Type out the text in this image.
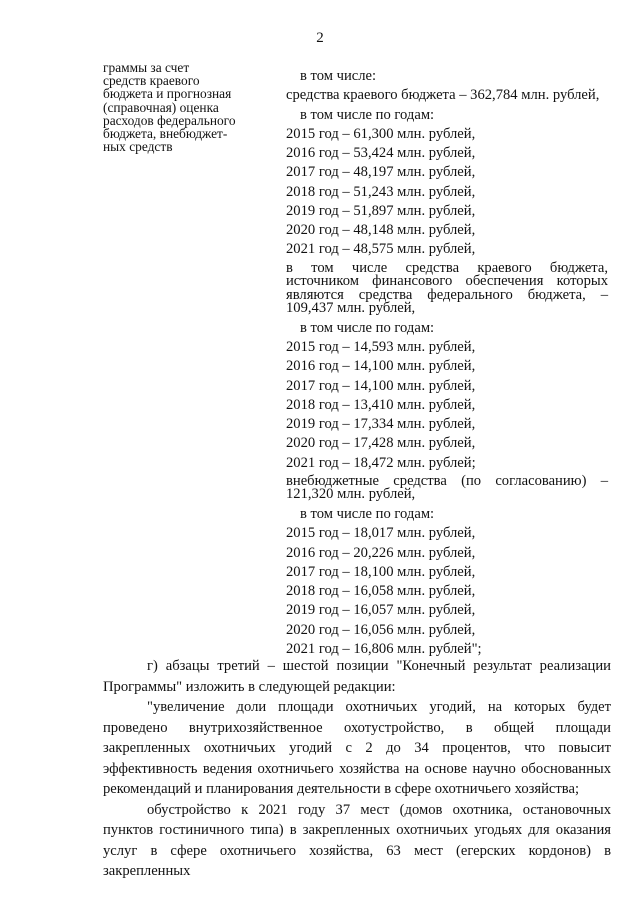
2
граммы за счет
средств краевого
бюджета и прогнозная
(справочная) оценка
расходов федерального
бюджета, внебюджет-
ных средств
в том числе:
средства краевого бюджета – 362,784 млн. рублей,
в том числе по годам:
2015 год – 61,300 млн. рублей,
2016 год – 53,424 млн. рублей,
2017 год – 48,197 млн. рублей,
2018 год – 51,243 млн. рублей,
2019 год – 51,897 млн. рублей,
2020 год – 48,148 млн. рублей,
2021 год – 48,575 млн. рублей,
в том числе средства краевого бюджета, источником финансового обеспечения которых являются средства федерального бюджета, – 109,437 млн. рублей,
в том числе по годам:
2015 год – 14,593 млн. рублей,
2016 год – 14,100 млн. рублей,
2017 год – 14,100 млн. рублей,
2018 год – 13,410 млн. рублей,
2019 год – 17,334 млн. рублей,
2020 год – 17,428 млн. рублей,
2021 год – 18,472 млн. рублей;
внебюджетные средства (по согласованию) – 121,320 млн. рублей,
в том числе по годам:
2015 год – 18,017 млн. рублей,
2016 год – 20,226 млн. рублей,
2017 год – 18,100 млн. рублей,
2018 год – 16,058 млн. рублей,
2019 год – 16,057 млн. рублей,
2020 год – 16,056 млн. рублей,
2021 год – 16,806 млн. рублей";

г) абзацы третий – шестой позиции "Конечный результат реализации Программы" изложить в следующей редакции:

"увеличение доли площади охотничьих угодий, на которых будет проведено внутрихозяйственное охотустройство, в общей площади закрепленных охотничьих угодий с 2 до 34 процентов, что повысит эффективность ведения охотничьего хозяйства на основе научно обоснованных рекомендаций и планирования деятельности в сфере охотничьего хозяйства;

обустройство к 2021 году 37 мест (домов охотника, остановочных пунктов гостиничного типа) в закрепленных охотничьих угодьях для оказания услуг в сфере охотничьего хозяйства, 63 мест (егерских кордонов) в закрепленных
